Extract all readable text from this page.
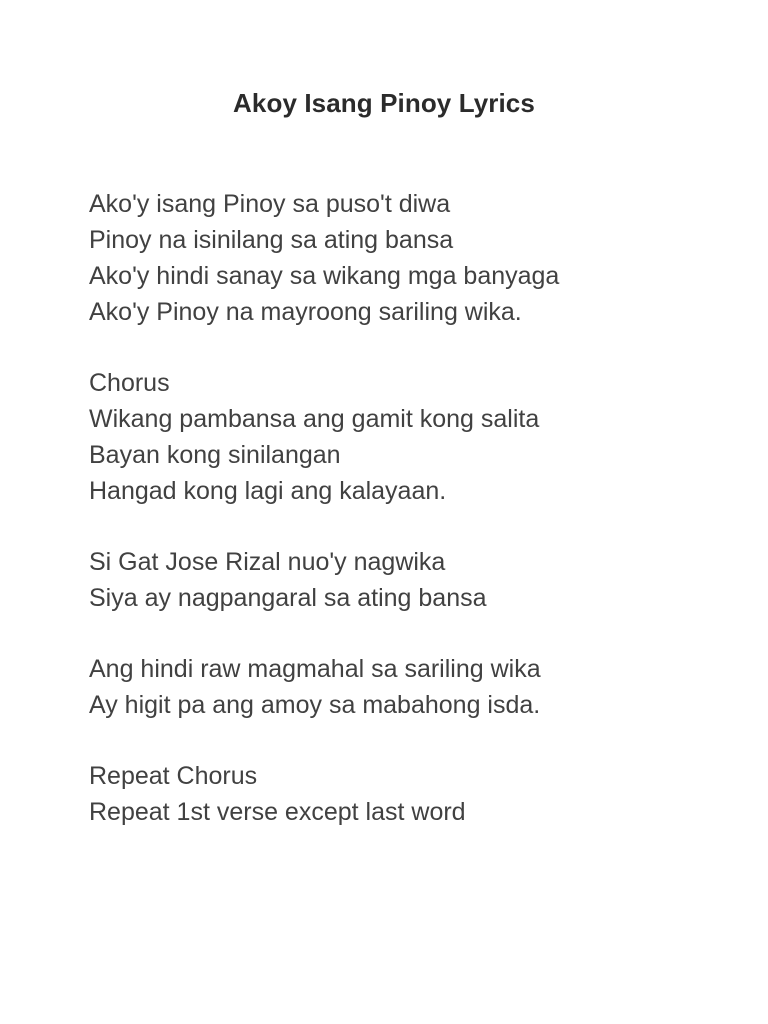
Akoy Isang Pinoy Lyrics
Ako'y isang Pinoy sa puso't diwa
Pinoy na isinilang sa ating bansa
Ako'y hindi sanay sa wikang mga banyaga
Ako'y Pinoy na mayroong sariling wika.
Chorus
Wikang pambansa ang gamit kong salita
Bayan kong sinilangan
Hangad kong lagi ang kalayaan.
Si Gat Jose Rizal nuo'y nagwika
Siya ay nagpangaral sa ating bansa
Ang hindi raw magmahal sa sariling wika
Ay higit pa ang amoy sa mabahong isda.
Repeat Chorus
Repeat 1st verse except last word
